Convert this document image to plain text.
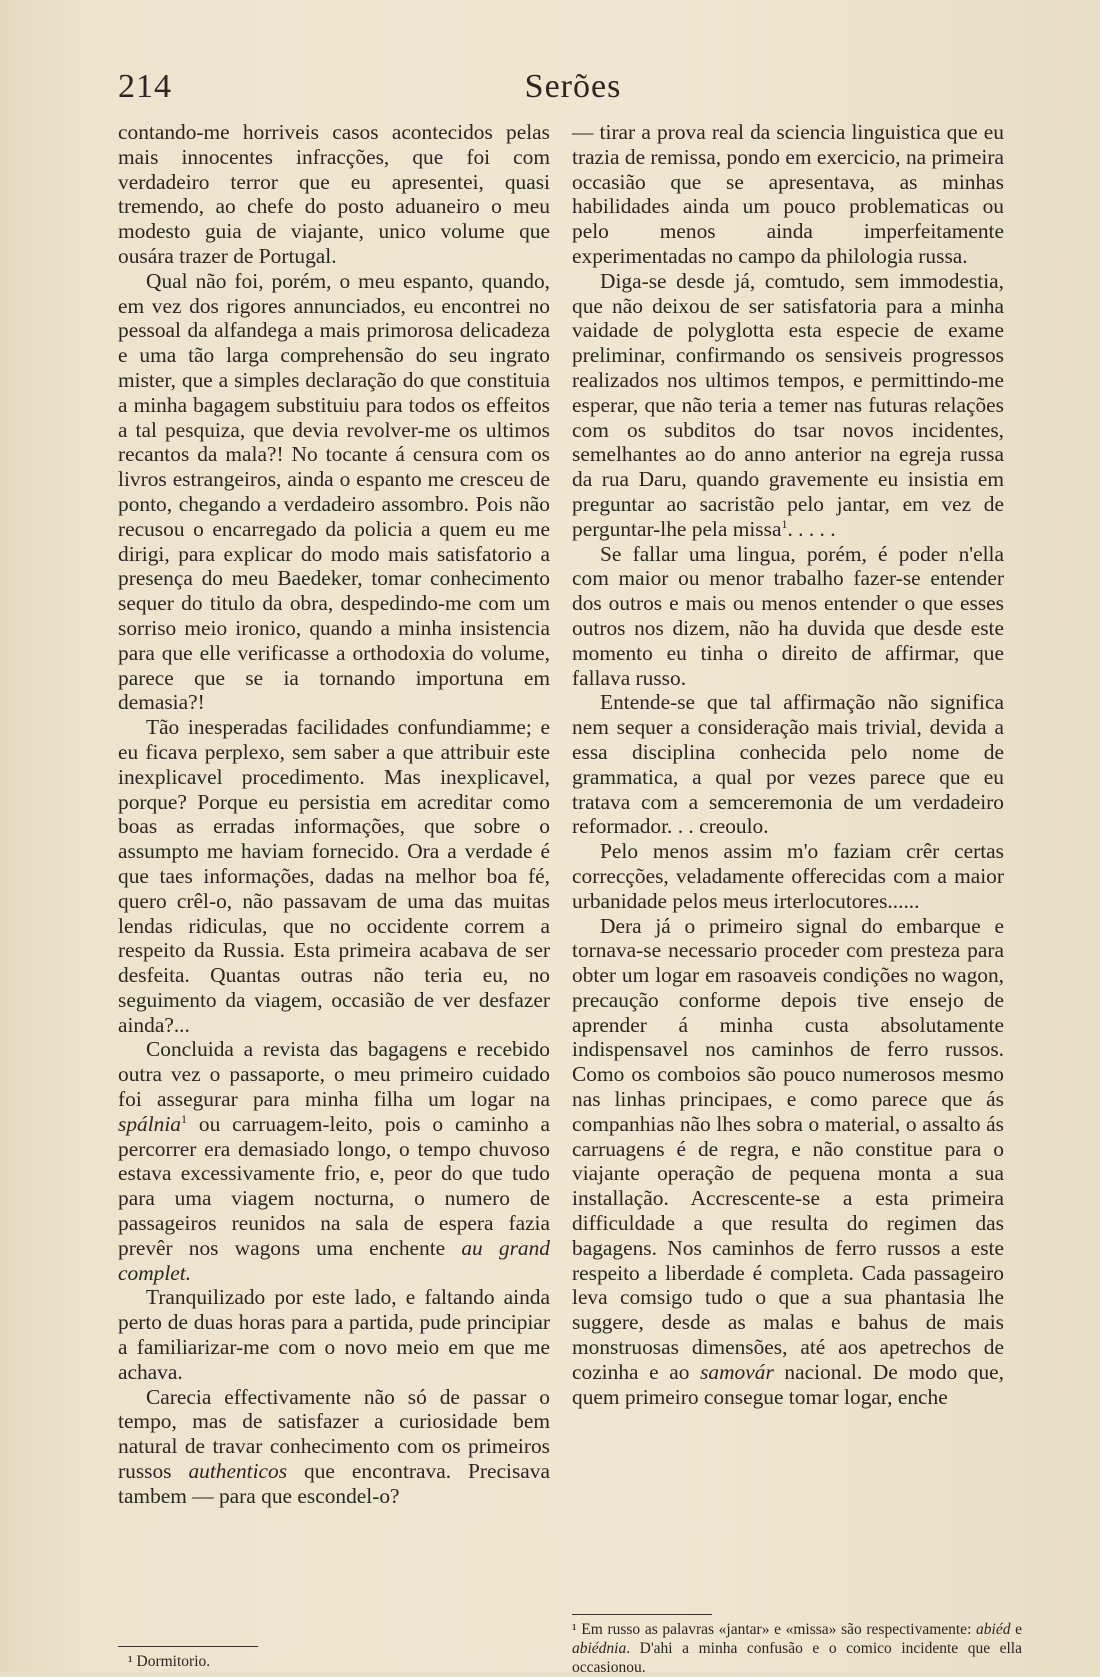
214	Serões

contando-me horriveis casos acontecidos pelas mais innocentes infracções, que foi com verdadeiro terror que eu apresentei, quasi tremendo, ao chefe do posto aduaneiro o meu modesto guia de viajante, unico volume que ousára trazer de Portugal.

Qual não foi, porém, o meu espanto, quando, em vez dos rigores annunciados, eu encontrei no pessoal da alfandega a mais primorosa delicadeza e uma tão larga comprehensão do seu ingrato mister, que a simples declaração do que constituia a minha bagagem substituiu para todos os effeitos a tal pesquiza, que devia revolver-me os ultimos recantos da mala?! No tocante á censura com os livros estrangeiros, ainda o espanto me cresceu de ponto, chegando a verdadeiro assombro. Pois não recusou o encarregado da policia a quem eu me dirigi, para explicar do modo mais satisfatorio a presença do meu Baedeker, tomar conhecimento sequer do titulo da obra, despedindo-me com um sorriso meio ironico, quando a minha insistencia para que elle verificasse a orthodoxia do volume, parece que se ia tornando importuna em demasia?!

Tão inesperadas facilidades confundiamme; e eu ficava perplexo, sem saber a que attribuir este inexplicavel procedimento. Mas inexplicavel, porque? Porque eu persistia em acreditar como boas as erradas informações, que sobre o assumpto me haviam fornecido. Ora a verdade é que taes informações, dadas na melhor boa fé, quero crêl-o, não passavam de uma das muitas lendas ridiculas, que no occidente correm a respeito da Russia. Esta primeira acabava de ser desfeita. Quantas outras não teria eu, no seguimento da viagem, occasião de ver desfazer ainda?...

Concluida a revista das bagagens e recebido outra vez o passaporte, o meu primeiro cuidado foi assegurar para minha filha um logar na spálnia$^1$ ou carruagem-leito, pois o caminho a percorrer era demasiado longo, o tempo chuvoso estava excessivamente frio, e, peor do que tudo para uma viagem nocturna, o numero de passageiros reunidos na sala de espera fazia prevêr nos wagons uma enchente au grand complet.

Tranquilizado por este lado, e faltando ainda perto de duas horas para a partida, pude principiar a familiarizar-me com o novo meio em que me achava.

Carecia effectivamente não só de passar o tempo, mas de satisfazer a curiosidade bem natural de travar conhecimento com os primeiros russos authenticos que encontrava. Precisava tambem — para que escondel-o?

— tirar a prova real da sciencia linguistica que eu trazia de remissa, pondo em exercicio, na primeira occasião que se apresentava, as minhas habilidades ainda um pouco problematicas ou pelo menos ainda imperfeitamente experimentadas no campo da philologia russa.

Diga-se desde já, comtudo, sem immodestia, que não deixou de ser satisfatoria para a minha vaidade de polyglotta esta especie de exame preliminar, confirmando os sensiveis progressos realizados nos ultimos tempos, e permittindo-me esperar, que não teria a temer nas futuras relações com os subditos do tsar novos incidentes, semelhantes ao do anno anterior na egreja russa da rua Daru, quando gravemente eu insistia em preguntar ao sacristão pelo jantar, em vez de perguntar-lhe pela missa$^1$. . . . .

Se fallar uma lingua, porém, é poder n'ella com maior ou menor trabalho fazer-se entender dos outros e mais ou menos entender o que esses outros nos dizem, não ha duvida que desde este momento eu tinha o direito de affirmar, que fallava russo.

Entende-se que tal affirmação não significa nem sequer a consideração mais trivial, devida a essa disciplina conhecida pelo nome de grammatica, a qual por vezes parece que eu tratava com a semceremonia de um verdadeiro reformador. . . creoulo.

Pelo menos assim m'o faziam crêr certas correcções, veladamente offerecidas com a maior urbanidade pelos meus irterlocutores......

Dera já o primeiro signal do embarque e tornava-se necessario proceder com presteza para obter um logar em rasoaveis condições no wagon, precaução conforme depois tive ensejo de aprender á minha custa absolutamente indispensavel nos caminhos de ferro russos. Como os comboios são pouco numerosos mesmo nas linhas principaes, e como parece que ás companhias não lhes sobra o material, o assalto ás carruagens é de regra, e não constitue para o viajante operação de pequena monta a sua installação. Accrescente-se a esta primeira difficuldade a que resulta do regimen das bagagens. Nos caminhos de ferro russos a este respeito a liberdade é completa. Cada passageiro leva comsigo tudo o que a sua phantasia lhe suggere, desde as malas e bahus de mais monstruosas dimensões, até aos apetrechos de cozinha e ao samovár nacional. De modo que, quem primeiro consegue tomar logar, enche

¹ Em russo as palavras «jantar» e «missa» são respectivamente: abiéd e abiédnia. D'ahi a minha confusão e o comico incidente que ella occasionou.
¹ Dormitorio.
